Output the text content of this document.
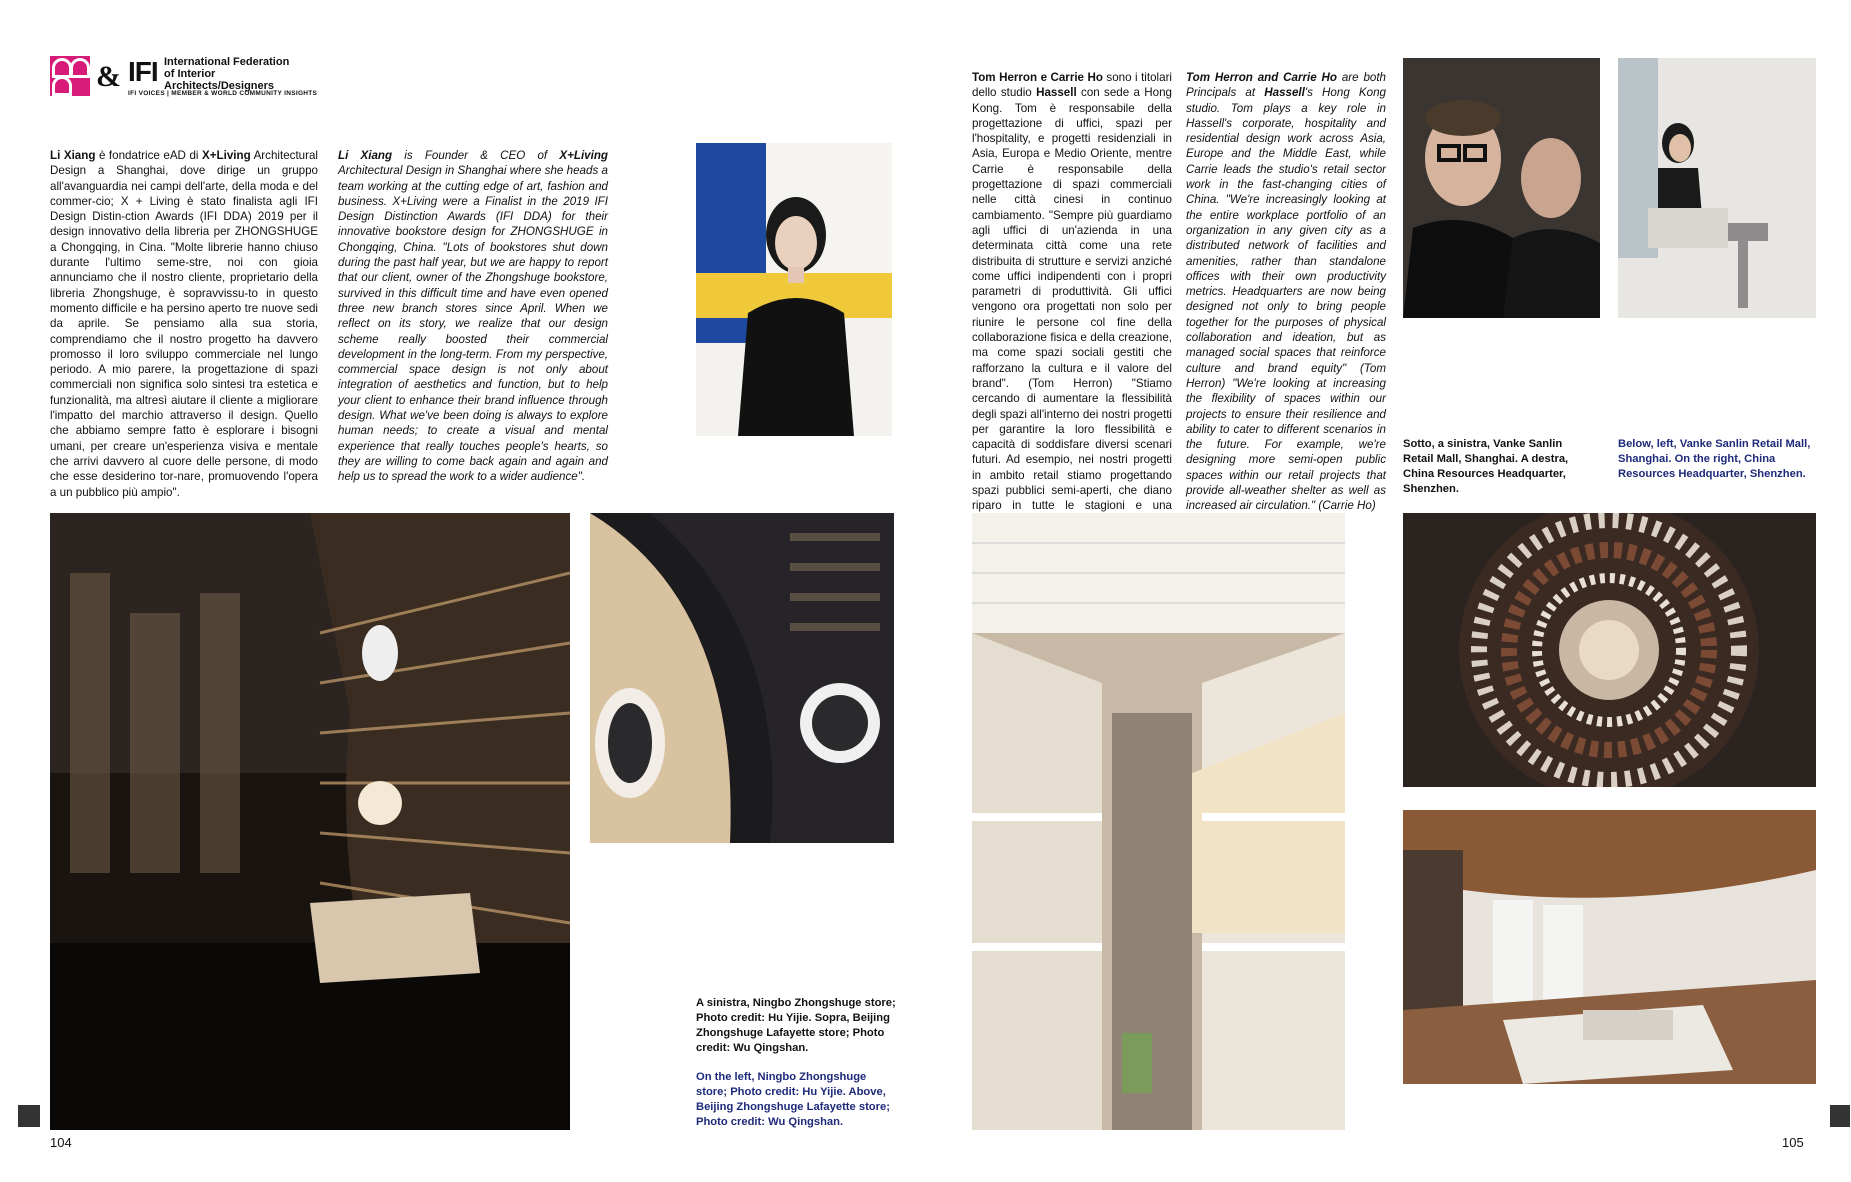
& IFI International Federation
of Interior Architects/Designers
IFI VOICES | MEMBER & WORLD COMMUNITY INSIGHTS
Li Xiang è fondatrice eAD di X+Living Architectural Design a Shanghai, dove dirige un gruppo all'avanguardia nei campi dell'arte, della moda e del commer-cio; X + Living è stato finalista agli IFI Design Distin-ction Awards (IFI DDA) 2019 per il design innovativo della libreria per ZHONGSHUGE a Chongqing, in Cina. "Molte librerie hanno chiuso durante l'ultimo seme-stre, noi con gioia annunciamo che il nostro cliente, proprietario della libreria Zhongshuge, è sopravvissu-to in questo momento difficile e ha persino aperto tre nuove sedi da aprile. Se pensiamo alla sua storia, comprendiamo che il nostro progetto ha davvero promosso il loro sviluppo commerciale nel lungo periodo. A mio parere, la progettazione di spazi commerciali non significa solo sintesi tra estetica e funzionalità, ma altresì aiutare il cliente a migliorare l'impatto del marchio attraverso il design. Quello che abbiamo sempre fatto è esplorare i bisogni umani, per creare un'esperienza visiva e mentale che arrivi davvero al cuore delle persone, di modo che esse desiderino tor-nare, promuovendo l'opera a un pubblico più ampio".
Li Xiang is Founder & CEO of X+Living Architectural Design in Shanghai where she heads a team working at the cutting edge of art, fashion and business. X+Living were a Finalist in the 2019 IFI Design Distinction Awards (IFI DDA) for their innovative bookstore design for ZHONGSHUGE in Chongqing, China. "Lots of bookstores shut down during the past half year, but we are happy to report that our client, owner of the Zhongshuge bookstore, survived in this difficult time and have even opened three new branch stores since April. When we reflect on its story, we realize that our design scheme really boosted their commercial development in the long-term. From my perspective, commercial space design is not only about integration of aesthetics and function, but to help your client to enhance their brand influence through design. What we've been doing is always to explore human needs; to create a visual and mental experience that really touches people's hearts, so they are willing to come back again and again and help us to spread the work to a wider audience".
A sinistra, Ningbo Zhongshuge store; Photo credit: Hu Yijie. Sopra, Beijing Zhongshuge Lafayette store; Photo credit: Wu Qingshan.
On the left, Ningbo Zhongshuge store; Photo credit: Hu Yijie. Above, Beijing Zhongshuge Lafayette store; Photo credit: Wu Qingshan.
104
Tom Herron e Carrie Ho sono i titolari dello studio Hassell con sede a Hong Kong. Tom è responsabile della progettazione di uffici, spazi per l'hospitality, e progetti residenziali in Asia, Europa e Medio Oriente, mentre Carrie è responsabile della progettazione di spazi commerciali nelle città cinesi in continuo cambiamento. "Sempre più guardiamo agli uffici di un'azienda in una determinata città come una rete distribuita di strutture e servizi anziché come uffici indipendenti con i propri parametri di produttività. Gli uffici vengono ora progettati non solo per riunire le persone col fine della collaborazione fisica e della creazione, ma come spazi sociali gestiti che rafforzano la cultura e il valore del brand". (Tom Herron) "Stiamo cercando di aumentare la flessibilità degli spazi all'interno dei nostri progetti per garantire la loro flessibilità e capacità di soddisfare diversi scenari futuri. Ad esempio, nei nostri progetti in ambito retail stiamo progettando spazi pubblici semi-aperti, che diano riparo in tutte le stagioni e una
Tom Herron and Carrie Ho are both Principals at Hassell's Hong Kong studio. Tom plays a key role in Hassell's corporate, hospitality and residential design work across Asia, Europe and the Middle East, while Carrie leads the studio's retail sector work in the fast-changing cities of China. "We're increasingly looking at the entire workplace portfolio of an organization in any given city as a distributed network of facilities and amenities, rather than standalone offices with their own productivity metrics. Headquarters are now being designed not only to bring people together for the purposes of physical collaboration and ideation, but as managed social spaces that reinforce culture and brand equity" (Tom Herron) "We're looking at increasing the flexibility of spaces within our projects to ensure their resilience and ability to cater to different scenarios in the future. For example, we're designing more semi-open public spaces within our retail projects that provide all-weather shelter as well as increased air circulation." (Carrie Ho)
Sotto, a sinistra, Vanke Sanlin Retail Mall, Shanghai. A destra, China Resources Headquarter, Shenzhen.
Below, left, Vanke Sanlin Retail Mall, Shanghai. On the right, China Resources Headquarter, Shenzhen.
105
